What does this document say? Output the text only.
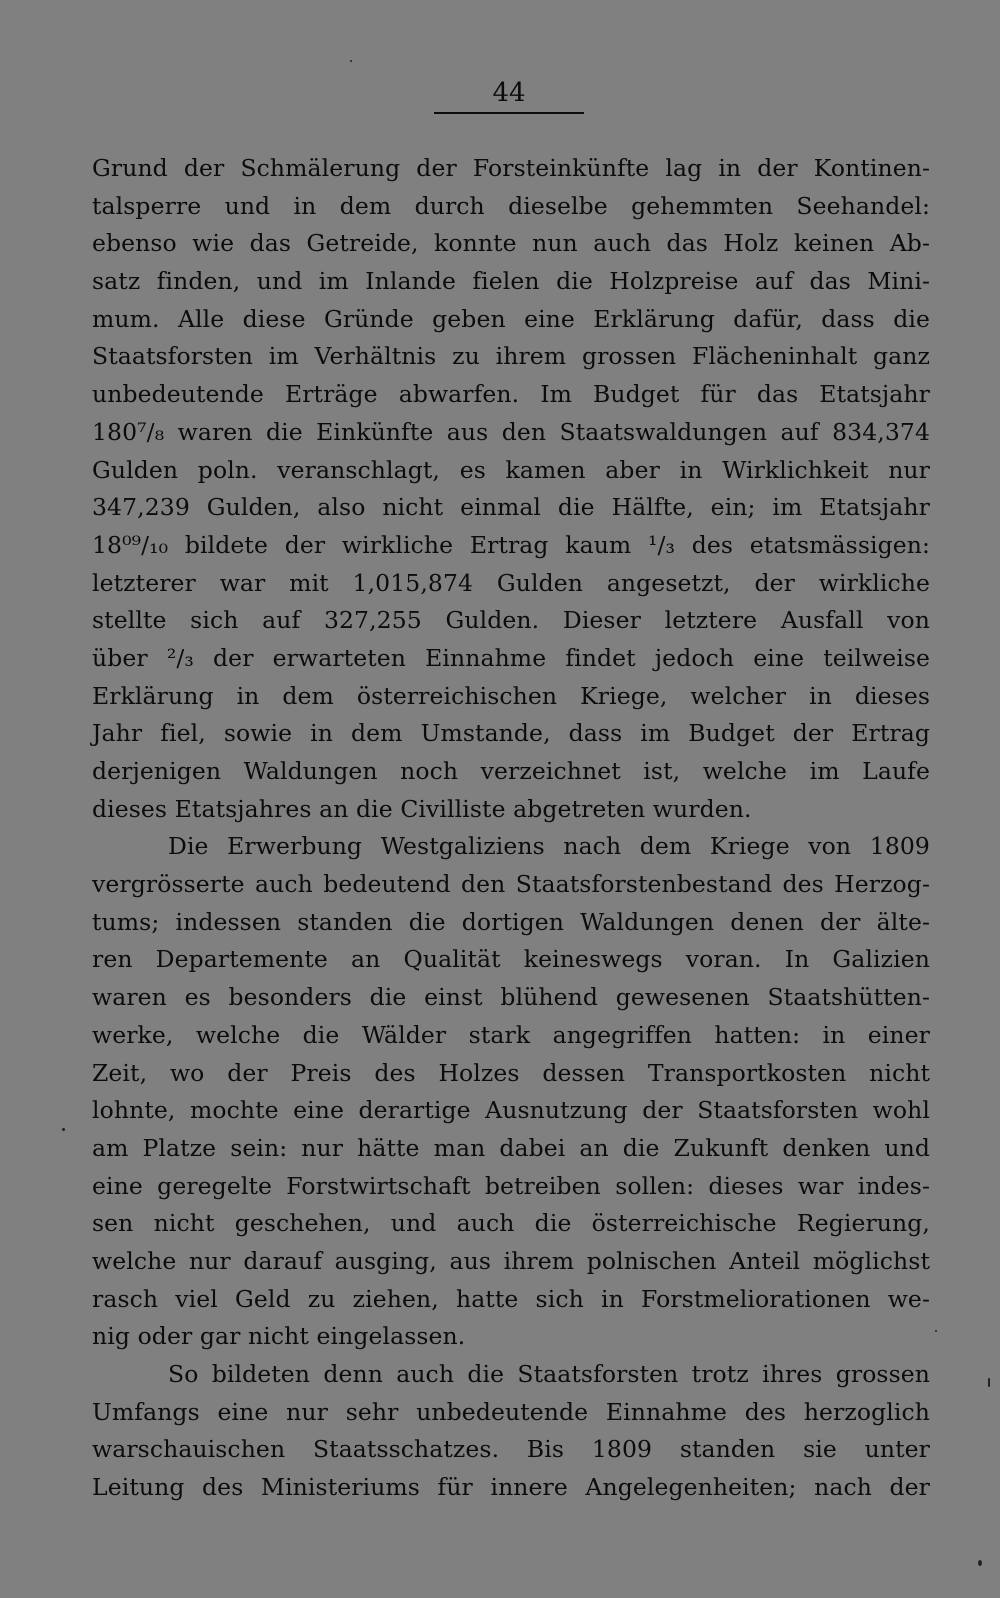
44
Grund der Schmälerung der Forsteinkünfte lag in der Kontinen-
talsperre und in dem durch dieselbe gehemmten Seehandel:
ebenso wie das Getreide, konnte nun auch das Holz keinen Ab-
satz finden, und im Inlande fielen die Holzpreise auf das Mini-
mum. Alle diese Gründe geben eine Erklärung dafür, dass die
Staatsforsten im Verhältnis zu ihrem grossen Flächeninhalt ganz
unbedeutende Erträge abwarfen. Im Budget für das Etatsjahr
180⁷/₈ waren die Einkünfte aus den Staatswaldungen auf 834,374
Gulden poln. veranschlagt, es kamen aber in Wirklichkeit nur
347,239 Gulden, also nicht einmal die Hälfte, ein; im Etatsjahr
18⁰⁹/₁₀ bildete der wirkliche Ertrag kaum ¹/₃ des etatsmässigen:
letzterer war mit 1,015,874 Gulden angesetzt, der wirkliche
stellte sich auf 327,255 Gulden. Dieser letztere Ausfall von
über ²/₃ der erwarteten Einnahme findet jedoch eine teilweise
Erklärung in dem österreichischen Kriege, welcher in dieses
Jahr fiel, sowie in dem Umstande, dass im Budget der Ertrag
derjenigen Waldungen noch verzeichnet ist, welche im Laufe
dieses Etatsjahres an die Civilliste abgetreten wurden.
Die Erwerbung Westgaliziens nach dem Kriege von 1809
vergrösserte auch bedeutend den Staatsforstenbestand des Herzog-
tums; indessen standen die dortigen Waldungen denen der älte-
ren Departemente an Qualität keineswegs voran. In Galizien
waren es besonders die einst blühend gewesenen Staatshütten-
werke, welche die Wälder stark angegriffen hatten: in einer
Zeit, wo der Preis des Holzes dessen Transportkosten nicht
lohnte, mochte eine derartige Ausnutzung der Staatsforsten wohl
am Platze sein: nur hätte man dabei an die Zukunft denken und
eine geregelte Forstwirtschaft betreiben sollen: dieses war indes-
sen nicht geschehen, und auch die österreichische Regierung,
welche nur darauf ausging, aus ihrem polnischen Anteil möglichst
rasch viel Geld zu ziehen, hatte sich in Forstmeliorationen we-
nig oder gar nicht eingelassen.
So bildeten denn auch die Staatsforsten trotz ihres grossen
Umfangs eine nur sehr unbedeutende Einnahme des herzoglich
warschauischen Staatsschatzes. Bis 1809 standen sie unter
Leitung des Ministeriums für innere Angelegenheiten; nach der
